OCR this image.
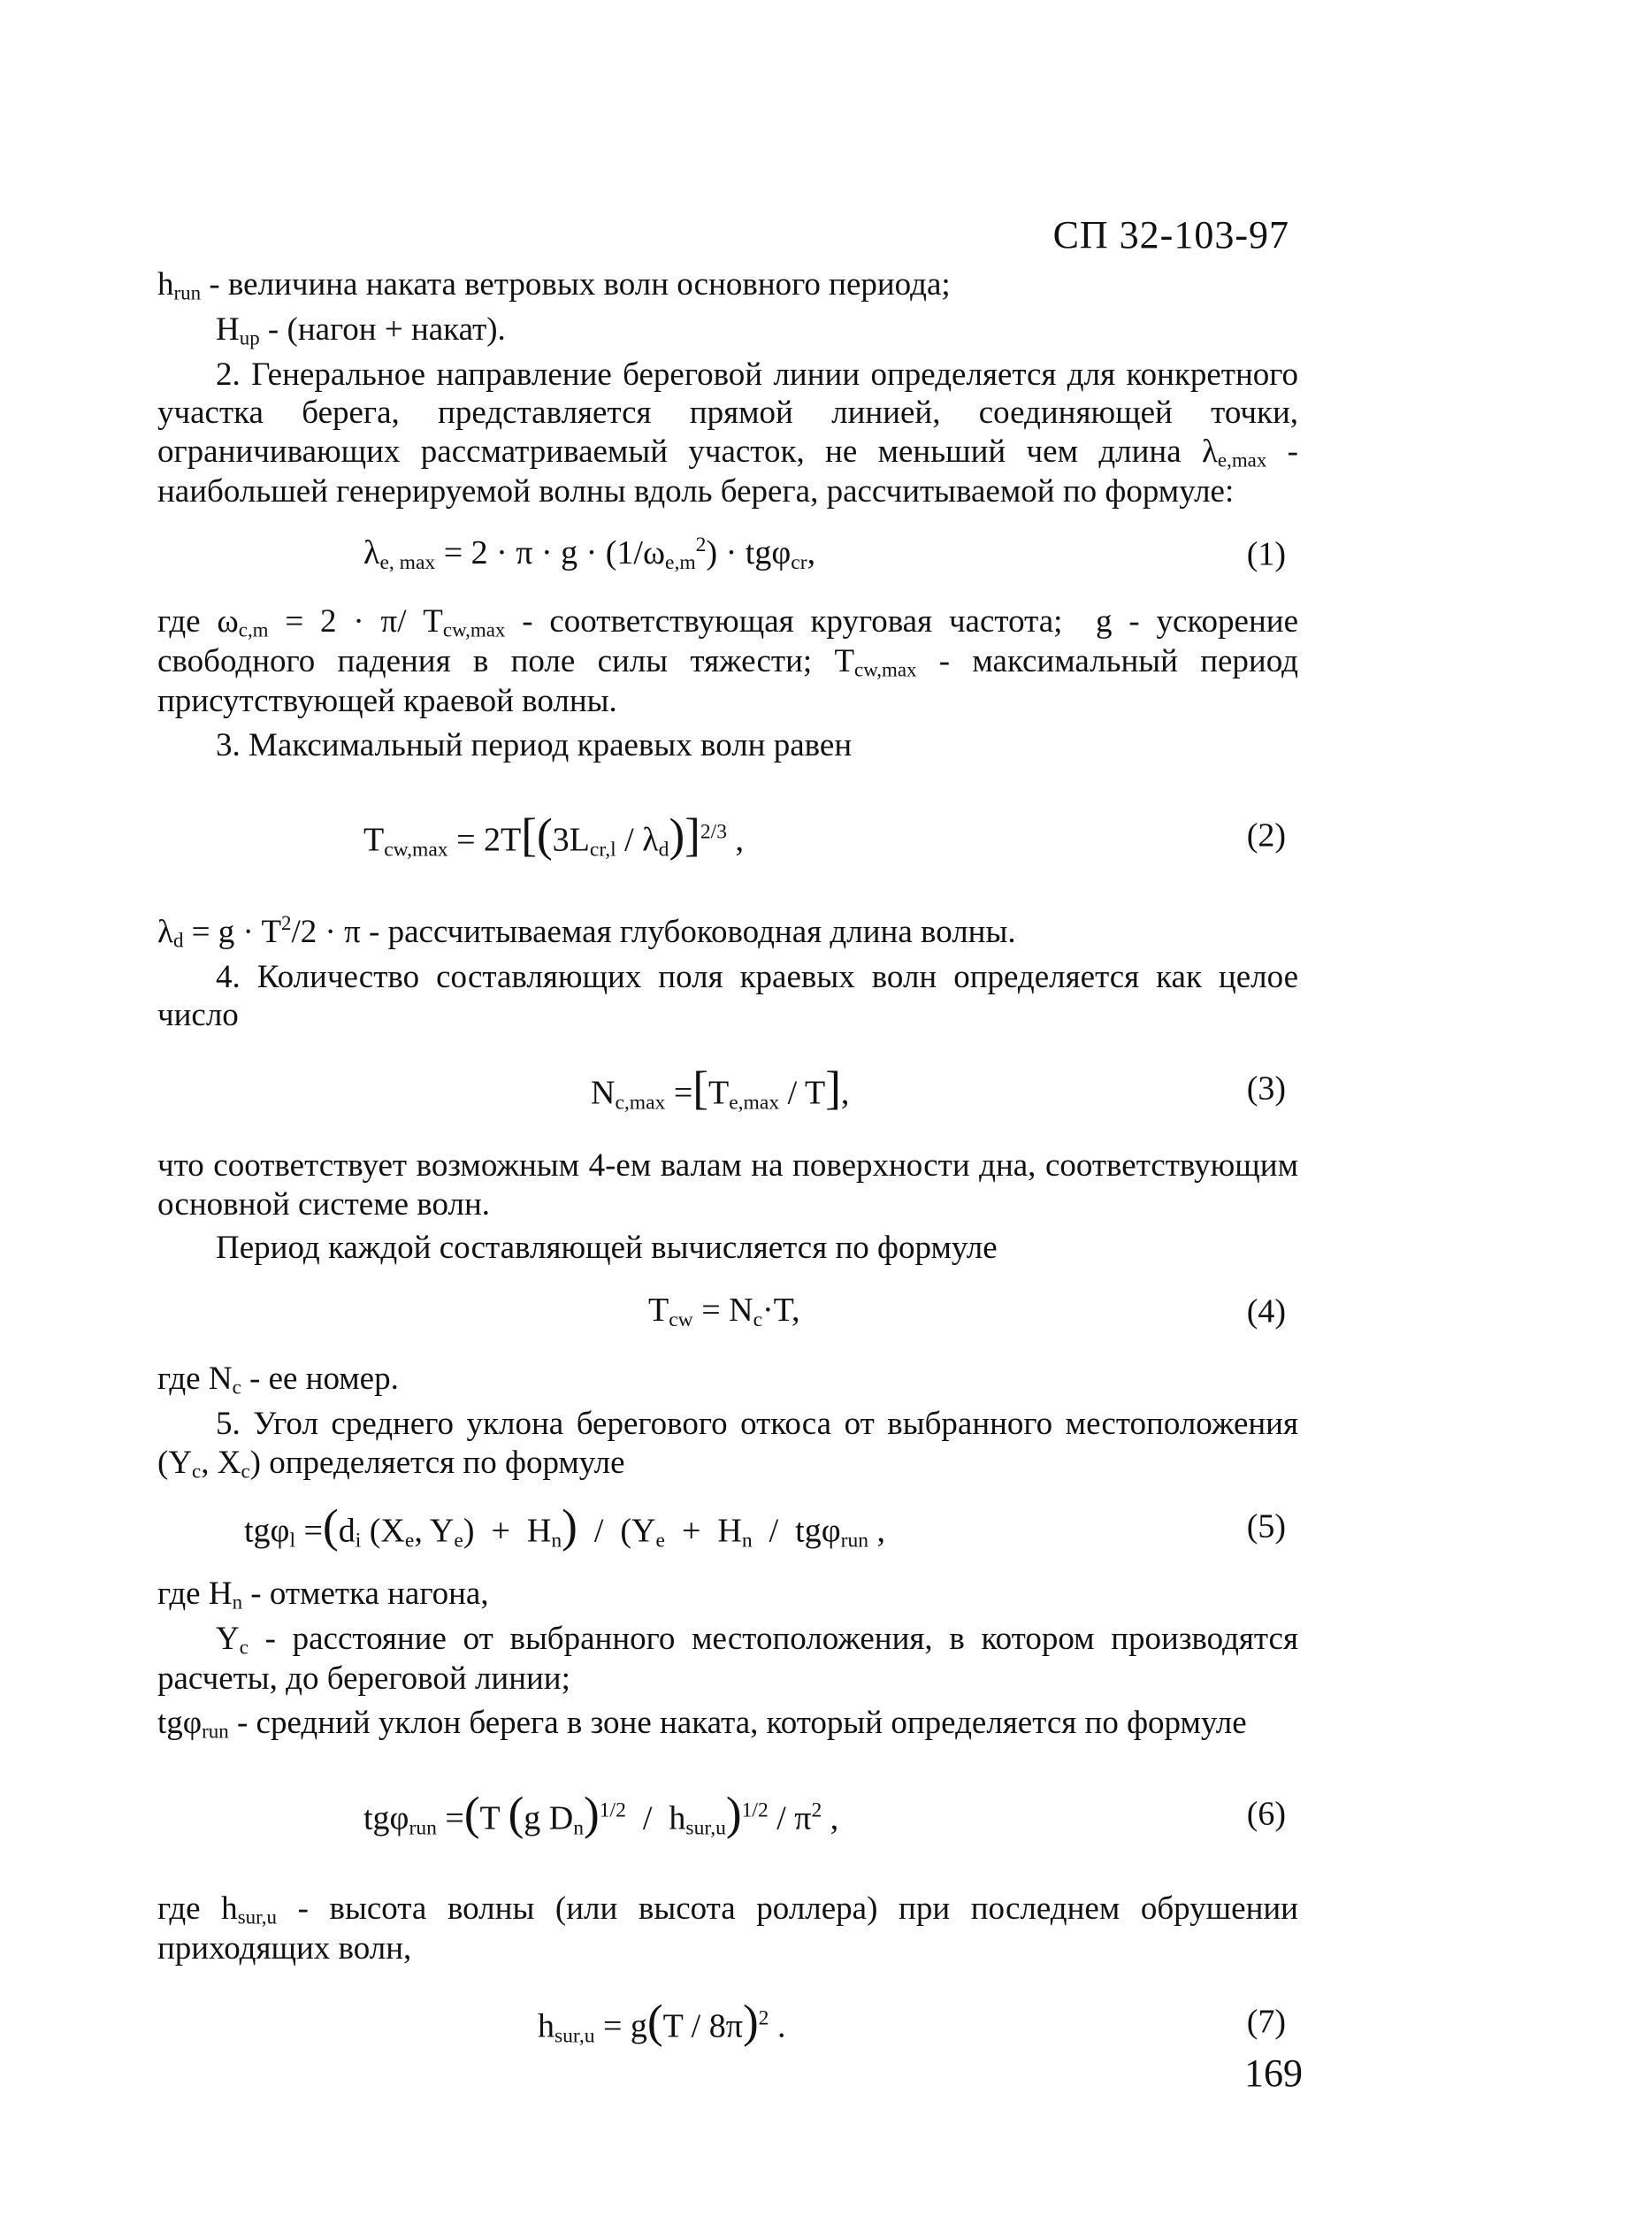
СП 32-103-97

$h_{run}$ - величина наката ветровых волн основного периода;

$H_{up}$ - (нагон + накат).

2. Генеральное направление береговой линии определяется для конкретного участка берега, представляется прямой линией, соединяющей точки, ограничивающих рассматриваемый участок, не меньший чем длина $\lambda_{e,max}$ - наибольшей генерируемой волны вдоль берега, рассчитываемой по формуле:

$\lambda_{e, max} = 2 \cdot \pi \cdot g \cdot (1/\omega_{e,m}^2) \cdot tg\varphi_{cr}$,	(1)

где $\omega_{c,m} = 2 \cdot \pi/$ $T_{cw,max}$ - соответствующая круговая частота;  g - ускорение свободного падения в поле силы тяжести; $T_{cw,max}$ - максимальный период присутствующей краевой волны.

3. Максимальный период краевых волн равен

$T_{cw,max} = 2T[(3L_{cr,l} / \lambda_d)]^{2/3}$ ,	(2)

$\lambda_d = g \cdot T^2/2 \cdot \pi$ - рассчитываемая глубоководная длина волны.

4. Количество составляющих поля краевых волн определяется как целое число

$N_{c,max} =[T_{e,max} / T]$,	(3)

что соответствует возможным 4-ем валам на поверхности дна, соответствующим основной системе волн.

Период каждой составляющей вычисляется по формуле

$T_{cw} = N_c\cdot T$,	(4)

где $N_c$ - ее номер.

5. Угол среднего уклона берегового откоса от выбранного местоположения ($Y_c$, $X_c$) определяется по формуле

$tg\varphi_l =(d_i$ ($X_e$, $Y_e) + H_n) / (Y_e + H_n / tg\varphi_{run}$ ,	(5)

где $H_n$ - отметка нагона,

$Y_c$ - расстояние от выбранного местоположения, в котором производятся расчеты, до береговой линии;

tgφ$_{run}$ - средний уклон берега в зоне наката, который определяется по формуле

tgφ$_{run}$ =(T (g $D_n)^{1/2} / h_{sur,u})^{1/2} / \pi^2$ ,	(6)

где $h_{sur,u}$ - высота волны (или высота роллера) при последнем обрушении приходящих волн,

$h_{sur,u} = g(T / 8\pi)^2$ .	(7)
169
